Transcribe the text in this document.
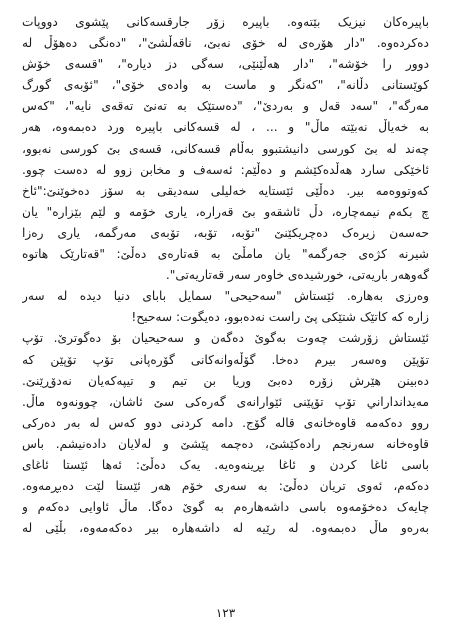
باپیرەکان نیزیک بێتەوە. باپیرە زۆر جارقسەکانی پێشوی دووپات
دەکردەوە. "دار هۆرەی لە خۆی نەبێ، ناقەڵشێ"، "دەنگی دەهۆڵ لە
دوور را خۆشە"، "دار هەڵێنێی، سەگی دز دیارە"، "قسەی خۆش
کوێستانی دڵانە"، "کەنگر و ماست بە وادەی خۆی"، "ئۆبەی گورگ
مەرگە"، "سەد قەل و بەردێ"، "دەستێک بە تەنێ تەقەی نایە"، "کەس
بە خەیاڵ نەبێتە ماڵ" و ... ، لە قسەکانی باپیرە ورد دەبمەوە، هەر
چەند لە بێ کورسی دانیشتبوو بەڵام قسەکانی، قسەی بێ کورسی نەبوو،
ئاخێکی سارد هەڵدەکێشم و دەڵێم: ئەسەف و مخابن زوو لە دەست چوو.
کەوتووەمە بیر. دەڵێی ئێستایە خەلیلی سەدیقی بە سۆز دەخوێنێ:"ئاخ
چ بکەم نیمەچارە، دڵ ئاشقەو بێ قەرارە، یاری خۆمە و لێم بێزارە" یان
حەسەن زیرەک دەچریکێنێ "تۆبە، تۆبە، تۆبەی مەرگمە، یاری رەزا
شیرنە کژەی جەرگمە" یان مامڵێ بە قەتارەی دەڵێ: "قەتارێک هاتوە
گەوهەر باریەتی، خورشیدەی خاوەر سەر قەتاریەتی".
وەرزی بەهارە. ئێستاش "سەحیحی" سمایل بابای دنیا دیدە لە سەر
زارە کە کاتێک شتێکی پێ راست نەدەبوو، دەیگوت: سەحیح!
ئێستاش زۆرشت چەوت بەگوێ دەگەن و سەحیحیان بۆ دەگوترێ. تۆپ
تۆپێن وەسەر بیرم دەخا. گۆڵەوانەکانی گۆرەپانی تۆپ تۆپێن کە
دەبینن هێرش زۆرە دەبێ وریا بن تیم و تیپەکەیان نەدۆڕێنێ.
مەیدانداراني تۆپ تۆپێنی ئێوارانەی گەرەکی سێ ئاشان، چوونەوە ماڵ.
روو دەکەمە قاوەخانەی قالە گۆج. دامە کردنی دوو کەس لە بەر دەرکی
قاوەخانە سەرنجم رادەکێشێ، دەچمە پێشێ و لەلایان دادەنیشم. باس
باسی ئاغا کردن و ئاغا بڕینەوەیە. یەک دەڵێ: ئەها ئێستا ئاغای
دەکەم، ئەوی تریان دەڵێ: بە سەری خۆم هەر ئێستا لێت دەبڕمەوە.
چایەک دەخۆمەوە باسی داشەهارەم بە گوێ دەگا. ماڵ ئاوایی دەکەم و
بەرەو ماڵ دەبمەوە. لە رێیە لە داشەهارە بیر دەکەمەوە، بڵێی لە
١٢٣
